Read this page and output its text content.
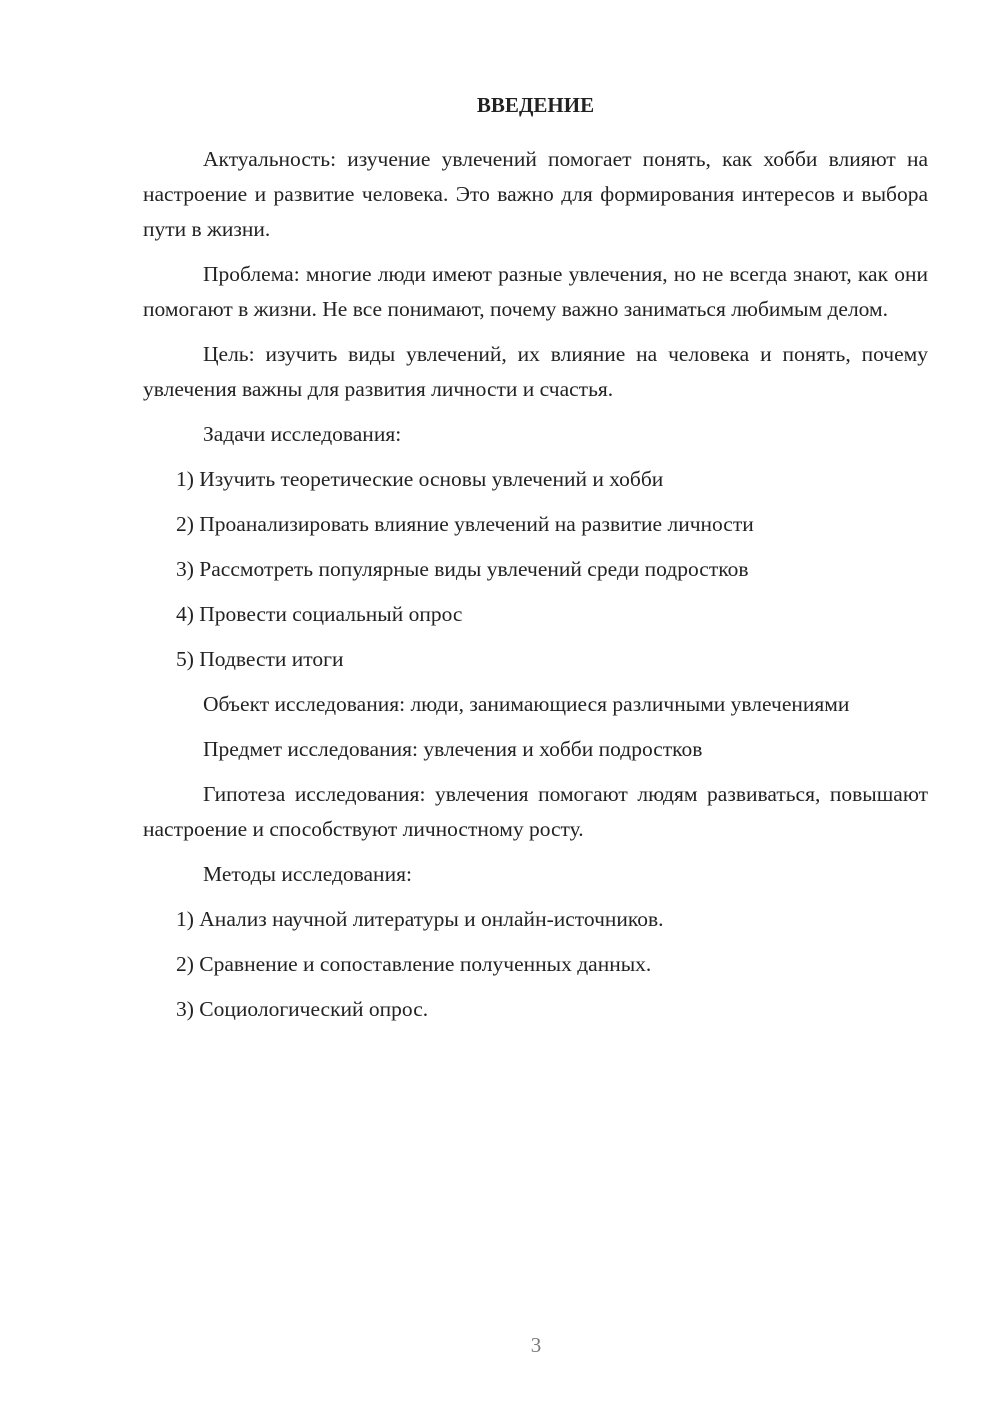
ВВЕДЕНИЕ

Актуальность: изучение увлечений помогает понять, как хобби влияют на настроение и развитие человека. Это важно для формирования интересов и выбора пути в жизни.

Проблема: многие люди имеют разные увлечения, но не всегда знают, как они помогают в жизни. Не все понимают, почему важно заниматься любимым делом.

Цель: изучить виды увлечений, их влияние на человека и понять, почему увлечения важны для развития личности и счастья.

Задачи исследования:

1) Изучить теоретические основы увлечений и хобби
2) Проанализировать влияние увлечений на развитие личности
3) Рассмотреть популярные виды увлечений среди подростков
4) Провести социальный опрос
5) Подвести итоги

Объект исследования: люди, занимающиеся различными увлечениями

Предмет исследования: увлечения и хобби подростков

Гипотеза исследования: увлечения помогают людям развиваться, повышают настроение и способствуют личностному росту.

Методы исследования:

1) Анализ научной литературы и онлайн-источников.
2) Сравнение и сопоставление полученных данных.
3) Социологический опрос.
3
